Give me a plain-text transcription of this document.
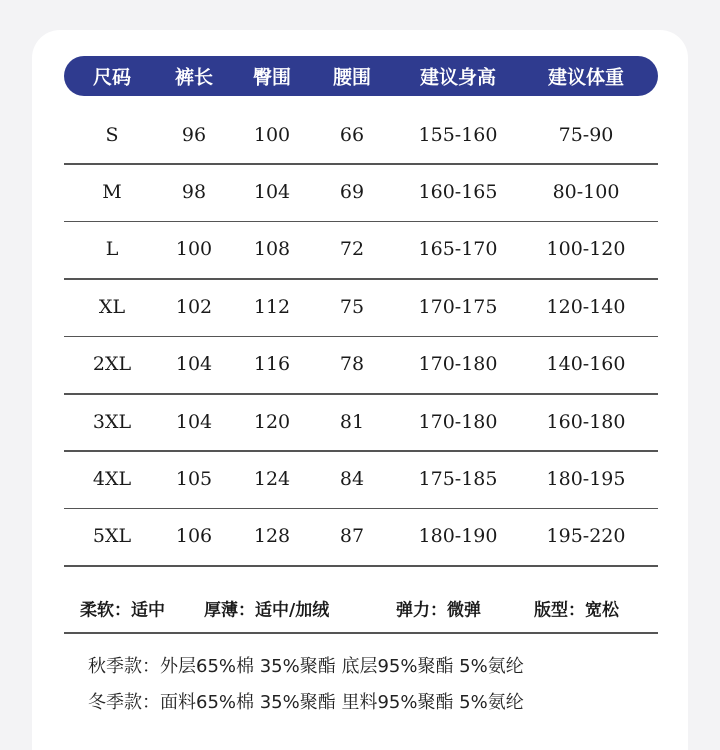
尺码 裤长 臀围 腰围	建议身高	建议体重
S	96	100	66	155-160	75-90
M	98	104	69	160-165	80-100
L	100 108	72	165-170	100-120
XL	102 112	75	170-175	120-140
2XL 104 116	78	170-180	140-160
3XL 104 120	81	170-180	160-180
4XL 105 124	84	175-185	180-195
5XL 106 128	87	180-190	195-220
柔软：适中 厚薄：适中/加绒	弹力：微弹	版型：宽松
秋季款：外层65%棉 35%聚酯 底层95%聚酯 5%氨纶
冬季款：面料65%棉 35%聚酯 里料95%聚酯 5%氨纶
